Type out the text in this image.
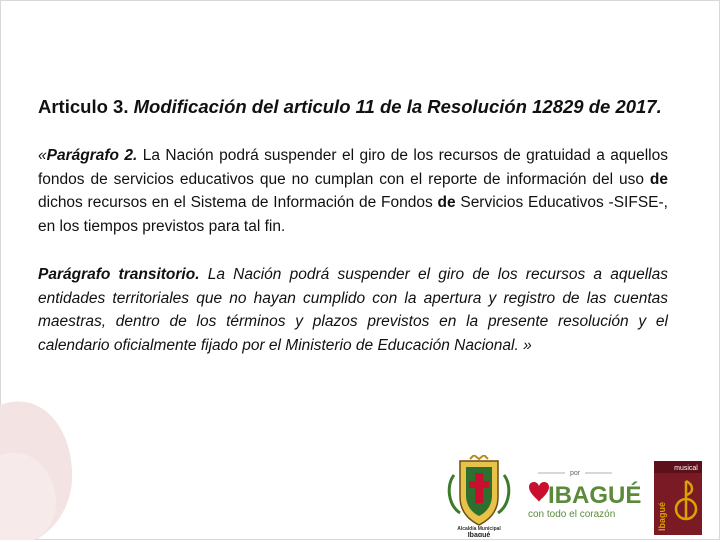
Articulo 3. Modificación del articulo 11 de la Resolución 12829 de 2017.

«Parágrafo 2. La Nación podrá suspender el giro de los recursos de gratuidad a aquellos fondos de servicios educativos que no cumplan con el reporte de información del uso de dichos recursos en el Sistema de Información de Fondos de Servicios Educativos -SIFSE-, en los tiempos previstos para tal fin.

Parágrafo transitorio. La Nación podrá suspender el giro de los recursos a aquellas entidades territoriales que no hayan cumplido con la apertura y registro de las cuentas maestras, dentro de los términos y plazos previstos en la presente resolución y el calendario oficialmente fijado por el Ministerio de Educación Nacional. »

Alcaldía Municipal
Ibagué
por
IBAGUÉ
con todo el corazón
musical
Ibagué
